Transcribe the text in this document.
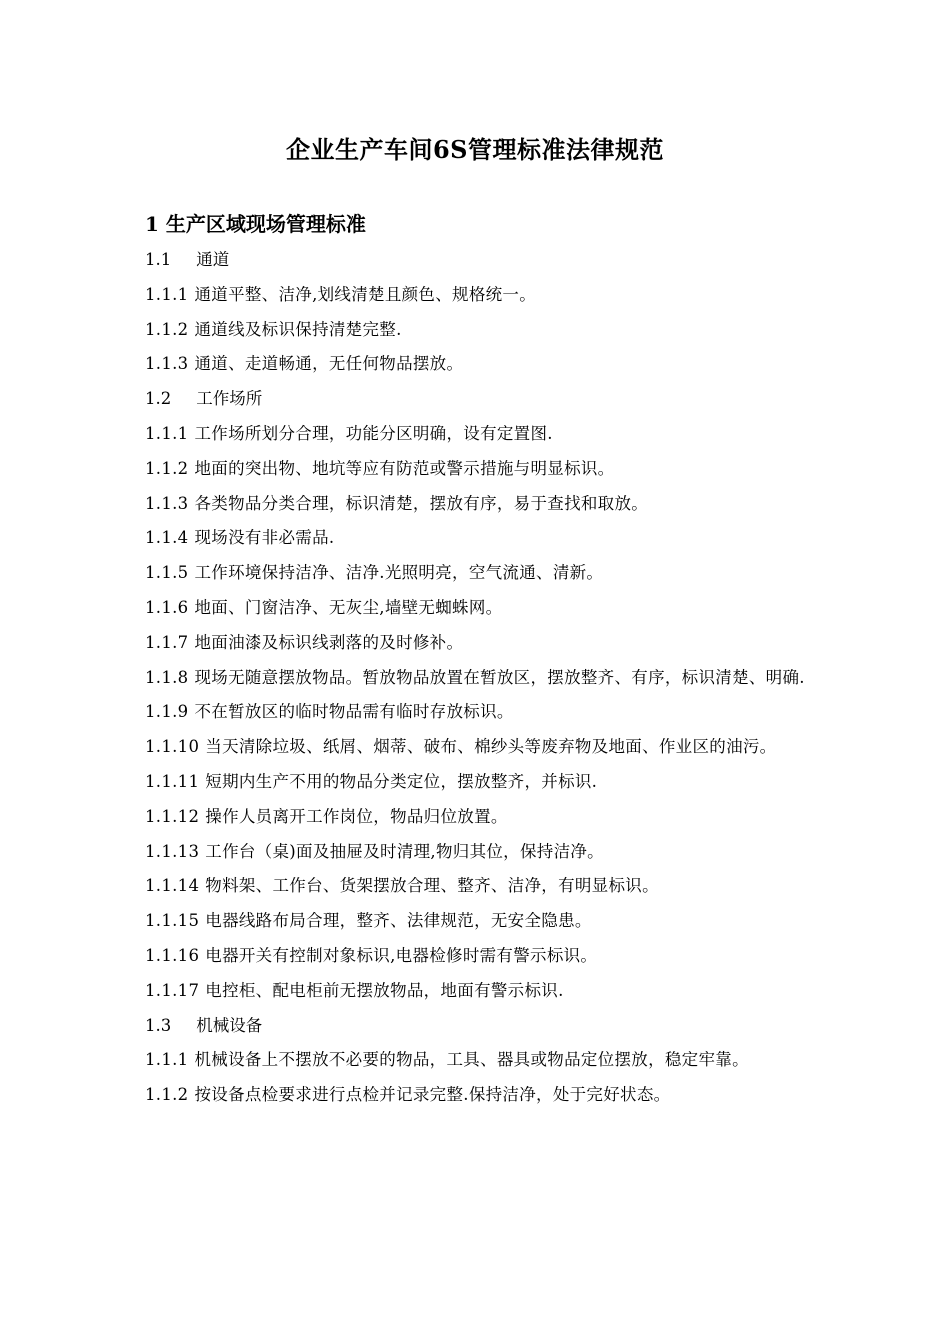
企业生产车间6S管理标准法律规范
1 生产区域现场管理标准
1.1 通道
1.1.1 通道平整、洁净,划线清楚且颜色、规格统一。
1.1.2 通道线及标识保持清楚完整.
1.1.3 通道、走道畅通，无任何物品摆放。
1.2 工作场所
1.1.1 工作场所划分合理，功能分区明确，设有定置图.
1.1.2 地面的突出物、地坑等应有防范或警示措施与明显标识。
1.1.3 各类物品分类合理，标识清楚，摆放有序，易于查找和取放。
1.1.4 现场没有非必需品.
1.1.5 工作环境保持洁净、洁净.光照明亮，空气流通、清新。
1.1.6 地面、门窗洁净、无灰尘,墙壁无蜘蛛网。
1.1.7 地面油漆及标识线剥落的及时修补。
1.1.8 现场无随意摆放物品。暂放物品放置在暂放区，摆放整齐、有序，标识清楚、明确.
1.1.9 不在暂放区的临时物品需有临时存放标识。
1.1.10 当天清除垃圾、纸屑、烟蒂、破布、棉纱头等废弃物及地面、作业区的油污。
1.1.11 短期内生产不用的物品分类定位，摆放整齐，并标识.
1.1.12 操作人员离开工作岗位，物品归位放置。
1.1.13 工作台（桌)面及抽屉及时清理,物归其位，保持洁净。
1.1.14 物料架、工作台、货架摆放合理、整齐、洁净，有明显标识。
1.1.15 电器线路布局合理，整齐、法律规范，无安全隐患。
1.1.16 电器开关有控制对象标识,电器检修时需有警示标识。
1.1.17 电控柜、配电柜前无摆放物品，地面有警示标识.
1.3 机械设备
1.1.1 机械设备上不摆放不必要的物品，工具、器具或物品定位摆放，稳定牢靠。
1.1.2 按设备点检要求进行点检并记录完整.保持洁净，处于完好状态。
